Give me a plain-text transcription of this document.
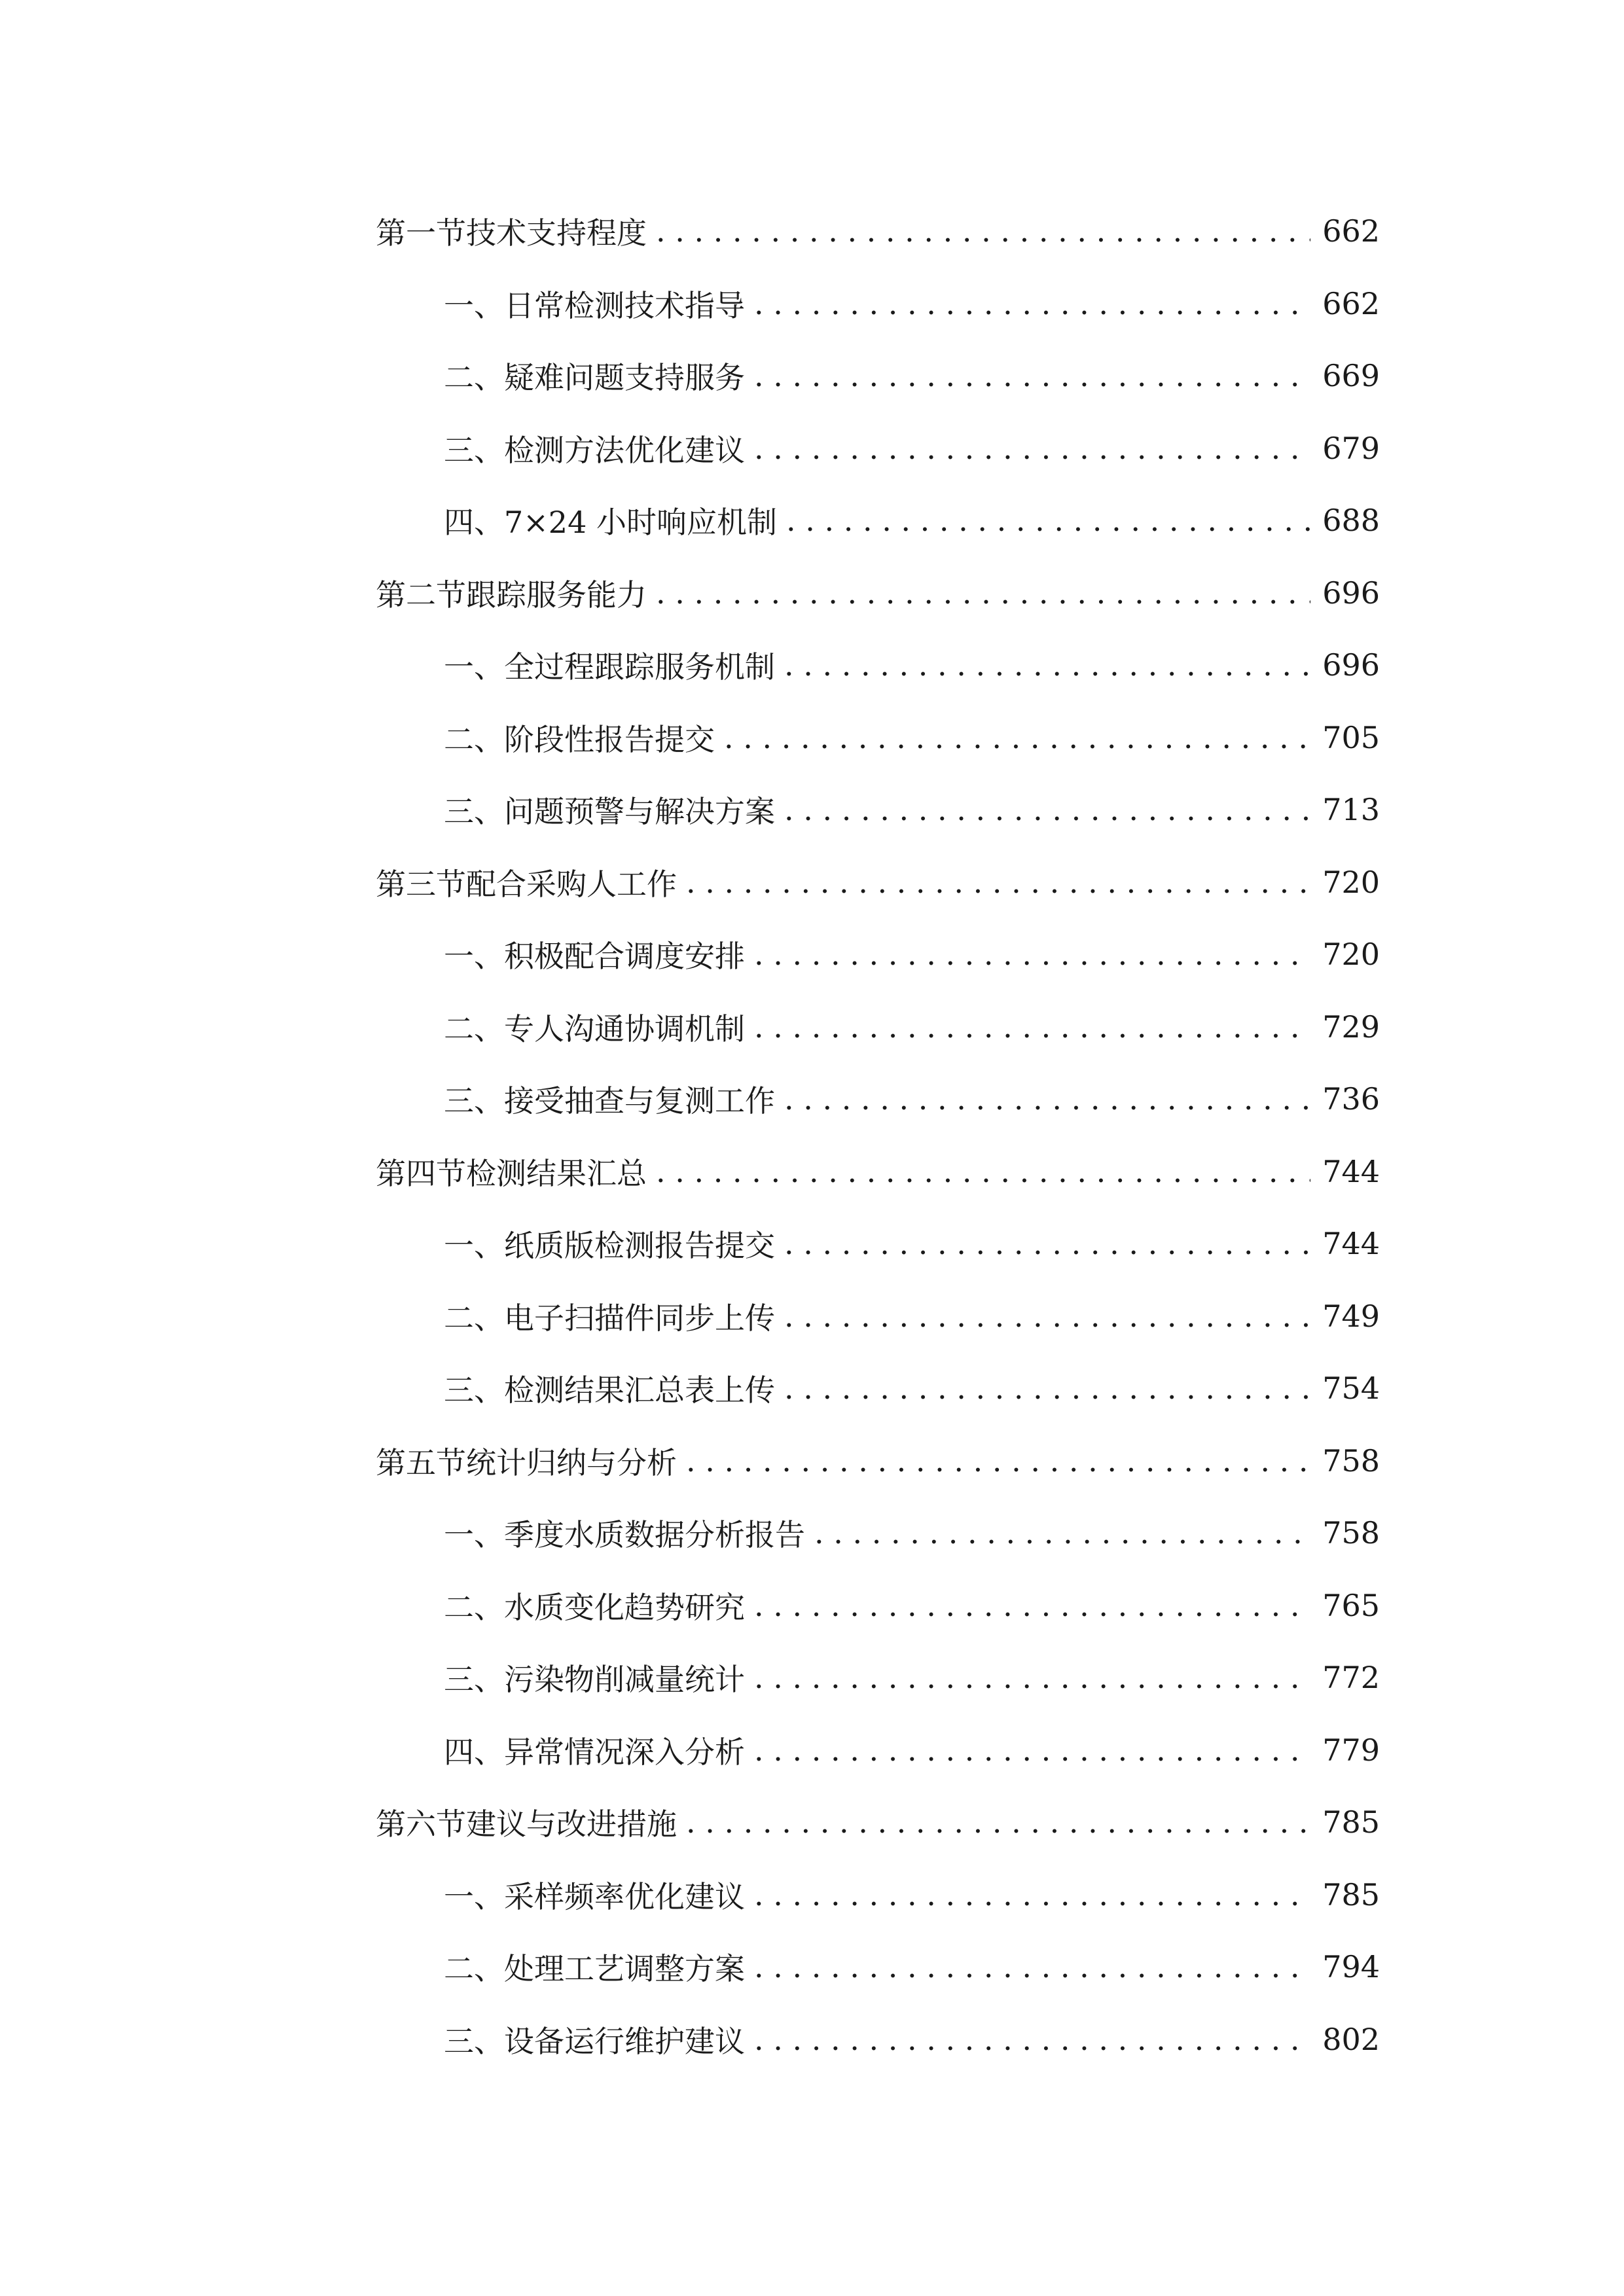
第一节 技术支持程度 . . .	662
一、 日常检测技术指导 . . .	662
二、 疑难问题支持服务 . . .	669
三、 检测方法优化建议 . . .	679
四、 7×24 小时响应机制 . . .	688
第二节 跟踪服务能力 . . .	696
一、 全过程跟踪服务机制 . . .	696
二、 阶段性报告提交 . . .	705
三、 问题预警与解决方案 . . .	713
第三节 配合采购人工作 . . .	720
一、 积极配合调度安排 . . .	720
二、 专人沟通协调机制 . . .	729
三、 接受抽查与复测工作 . . .	736
第四节 检测结果汇总 . . .	744
一、 纸质版检测报告提交 . . .	744
二、 电子扫描件同步上传 . . .	749
三、 检测结果汇总表上传 . . .	754
第五节 统计归纳与分析 . . .	758
一、 季度水质数据分析报告 . . .	758
二、 水质变化趋势研究 . . .	765
三、 污染物削减量统计 . . .	772
四、 异常情况深入分析 . . .	779
第六节 建议与改进措施 . . .	785
一、 采样频率优化建议 . . .	785
二、 处理工艺调整方案 . . .	794
三、 设备运行维护建议 . . .	802
